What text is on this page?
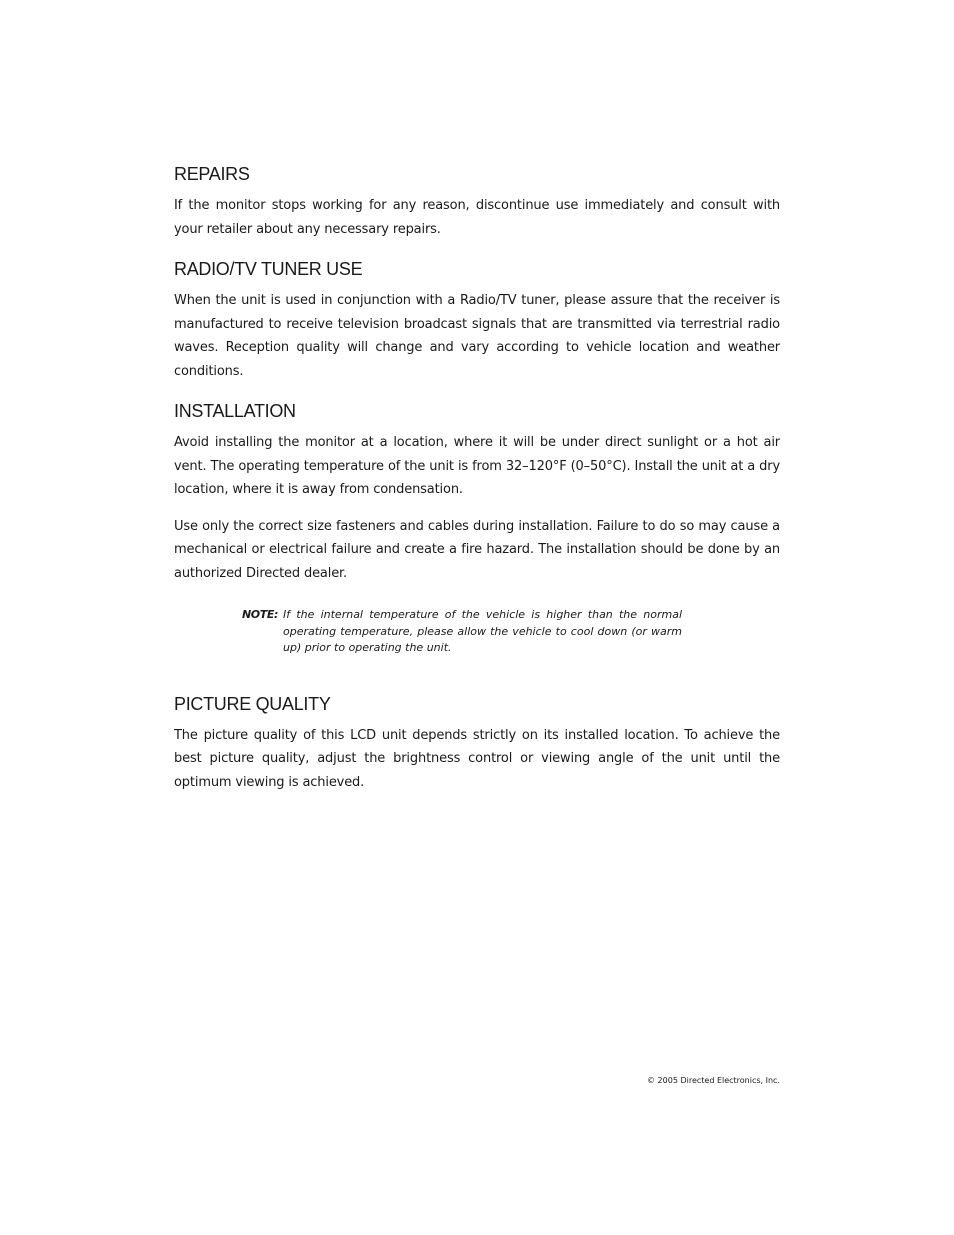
REPAIRS

If the monitor stops working for any reason, discontinue use immediately and consult with your retailer about any necessary repairs.

RADIO/TV TUNER USE

When the unit is used in conjunction with a Radio/TV tuner, please assure that the receiver is manufactured to receive television broadcast signals that are transmitted via terrestrial radio waves. Reception quality will change and vary according to vehicle location and weather conditions.

INSTALLATION

Avoid installing the monitor at a location, where it will be under direct sunlight or a hot air vent. The operating temperature of the unit is from 32–120°F (0–50°C). Install the unit at a dry location, where it is away from condensation.

Use only the correct size fasteners and cables during installation. Failure to do so may cause a mechanical or electrical failure and create a fire hazard. The installation should be done by an authorized Directed dealer.

NOTE: If the internal temperature of the vehicle is higher than the normal operating temperature, please allow the vehicle to cool down (or warm up) prior to operating the unit.
PICTURE QUALITY

The picture quality of this LCD unit depends strictly on its installed location. To achieve the best picture quality, adjust the brightness control or viewing angle of the unit until the optimum viewing is achieved.

© 2005 Directed Electronics, Inc.
